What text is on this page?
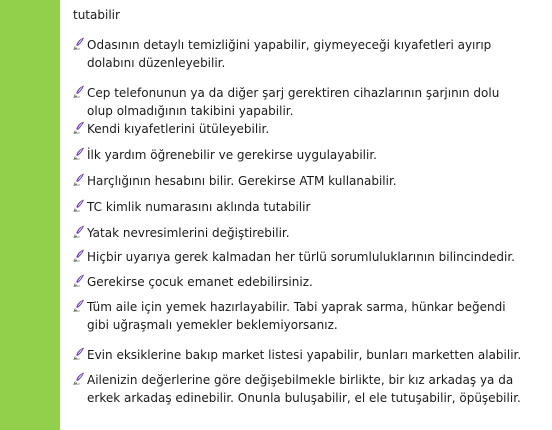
tutabilir
Odasının detaylı temizliğini yapabilir, giymeyeceği kıyafetleri ayırıp
dolabını düzenleyebilir.
Cep telefonunun ya da diğer şarj gerektiren cihazlarının şarjının dolu
olup olmadığının takibini yapabilir.
Kendi kıyafetlerini ütüleyebilir.
İlk yardım öğrenebilir ve gerekirse uygulayabilir.
Harçlığının hesabını bilir. Gerekirse ATM kullanabilir.
TC kimlik numarasını aklında tutabilir
Yatak nevresimlerini değiştirebilir.
Hiçbir uyarıya gerek kalmadan her türlü sorumluluklarının bilincindedir.
Gerekirse çocuk emanet edebilirsiniz.
Tüm aile için yemek hazırlayabilir. Tabi yaprak sarma, hünkar beğendi
gibi uğraşmalı yemekler beklemiyorsanız.
Evin eksiklerine bakıp market listesi yapabilir, bunları marketten alabilir.
Ailenizin değerlerine göre değişebilmekle birlikte, bir kız arkadaş ya da
erkek arkadaş edinebilir. Onunla buluşabilir, el ele tutuşabilir, öpüşebilir.
